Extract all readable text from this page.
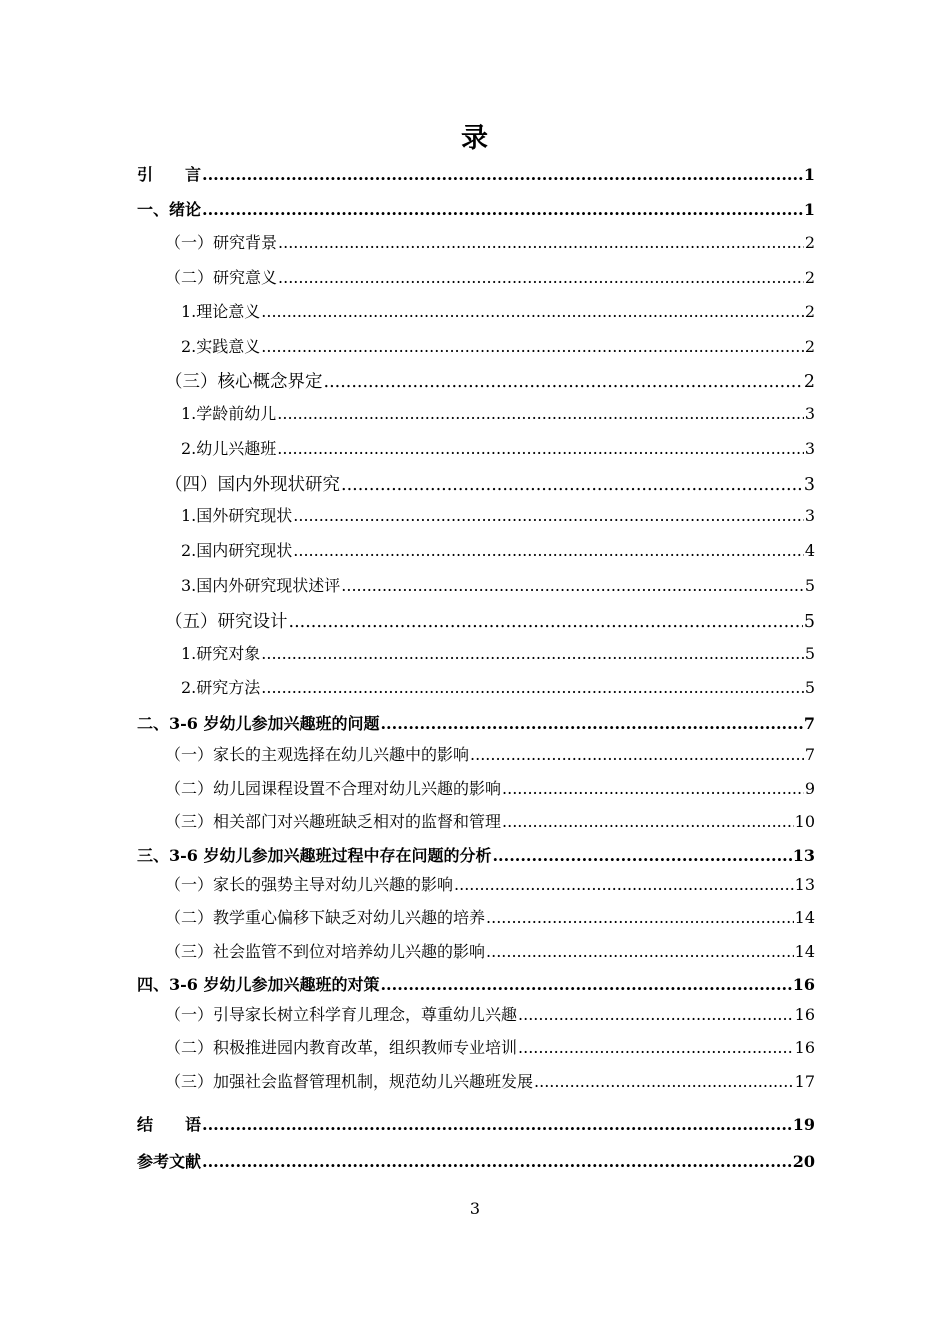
录
引　　言 .....	1
一、绪论 .....	1
（一）研究背景 .....	2
（二）研究意义 .....	2
1.理论意义 .....	2
2.实践意义 .....	2
（三）核心概念界定 .....	2
1.学龄前幼儿 .....	3
2.幼儿兴趣班 .....	3
（四）国内外现状研究 .....	3
1.国外研究现状 .....	3
2.国内研究现状 .....	4
3.国内外研究现状述评 .....	5
（五）研究设计 .....	5
1.研究对象 .....	5
2.研究方法 .....	5
二、3-6 岁幼儿参加兴趣班的问题 .....	7
（一）家长的主观选择在幼儿兴趣中的影响 .....	7
（二）幼儿园课程设置不合理对幼儿兴趣的影响 .....	9
（三）相关部门对兴趣班缺乏相对的监督和管理 .....	10
三、3-6 岁幼儿参加兴趣班过程中存在问题的分析 .....	13
（一）家长的强势主导对幼儿兴趣的影响 .....	13
（二）教学重心偏移下缺乏对幼儿兴趣的培养 .....	14
（三）社会监管不到位对培养幼儿兴趣的影响 .....	14
四、3-6 岁幼儿参加兴趣班的对策 .....	16
（一）引导家长树立科学育儿理念，尊重幼儿兴趣 .....	16
（二）积极推进园内教育改革，组织教师专业培训 .....	16
（三）加强社会监督管理机制，规范幼儿兴趣班发展 .....	17
结　　语 .....	19
参考文献 .....	20
3
